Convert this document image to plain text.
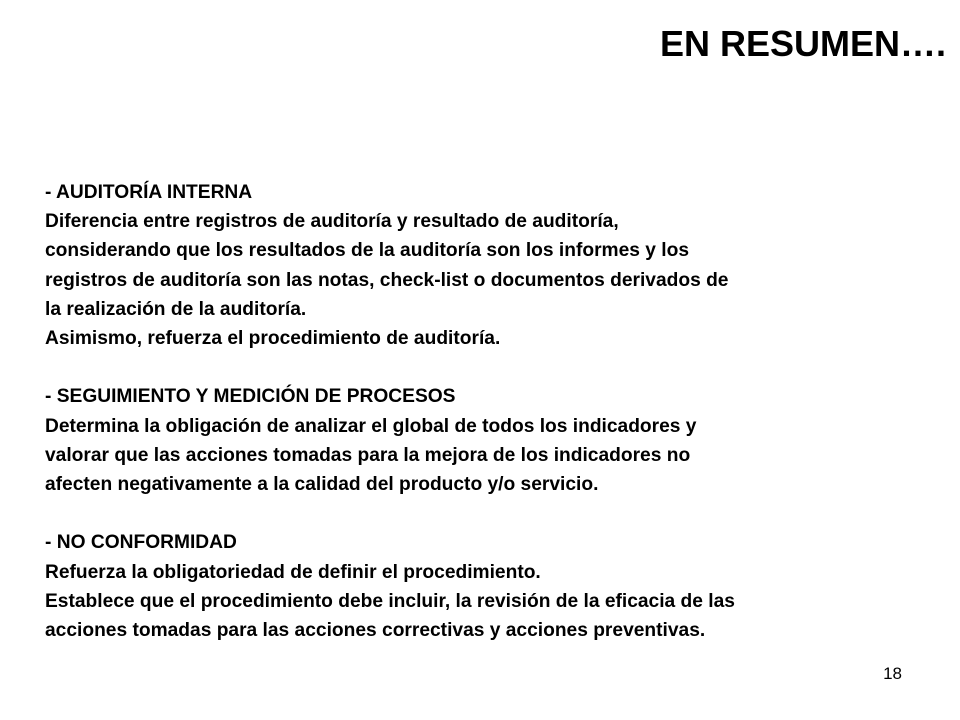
EN RESUMEN….
- AUDITORÍA INTERNA
Diferencia entre registros de auditoría y resultado de auditoría,
considerando que los resultados de la auditoría son los informes y los
registros de auditoría son las notas, check-list o documentos derivados de
la realización de la auditoría.
Asimismo, refuerza el procedimiento de auditoría.
- SEGUIMIENTO Y MEDICIÓN DE PROCESOS
Determina la obligación de analizar el global de todos los indicadores y
valorar que las acciones tomadas para la mejora de los indicadores no
afecten negativamente a la calidad del producto y/o servicio.
- NO CONFORMIDAD
Refuerza la obligatoriedad de definir el procedimiento.
Establece que el procedimiento debe incluir, la revisión de la eficacia de las
acciones tomadas para las acciones correctivas y acciones preventivas.
18
